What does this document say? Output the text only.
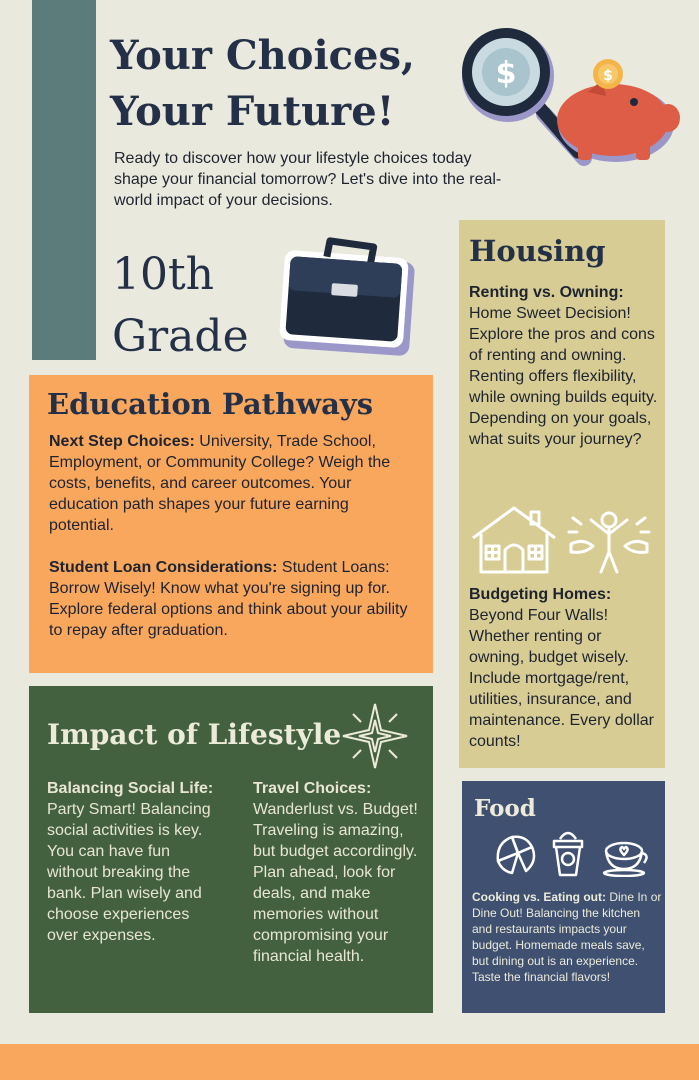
Your Choices,
Your Future!
$	$
Ready to discover how your lifestyle choices today shape your financial tomorrow? Let's dive into the real-world impact of your decisions.
10th
Grade
Education Pathways
Next Step Choices: University, Trade School, Employment, or Community College? Weigh the costs, benefits, and career outcomes. Your education path shapes your future earning potential.
Student Loan Considerations: Student Loans: Borrow Wisely! Know what you're signing up for. Explore federal options and think about your ability to repay after graduation.
Impact of Lifestyle
Balancing Social Life: Party Smart! Balancing social activities is key. You can have fun without breaking the bank. Plan wisely and choose experiences over expenses.
Travel Choices: Wanderlust vs. Budget! Traveling is amazing, but budget accordingly. Plan ahead, look for deals, and make memories without compromising your financial health.
Housing
Renting vs. Owning: Home Sweet Decision! Explore the pros and cons of renting and owning. Renting offers flexibility, while owning builds equity. Depending on your goals, what suits your journey?
Budgeting Homes: Beyond Four Walls! Whether renting or owning, budget wisely. Include mortgage/rent, utilities, insurance, and maintenance. Every dollar counts!
Food
Cooking vs. Eating out: Dine In or Dine Out! Balancing the kitchen and restaurants impacts your budget. Homemade meals save, but dining out is an experience. Taste the financial flavors!
